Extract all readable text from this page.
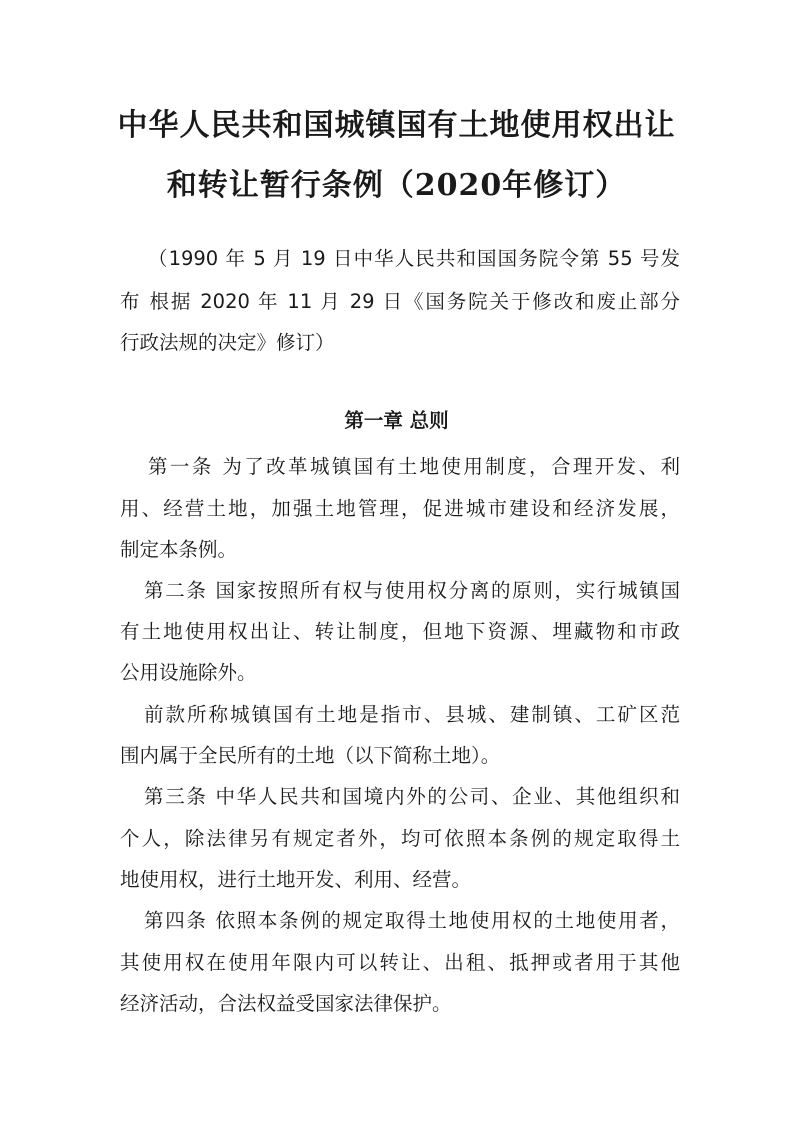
中华人民共和国城镇国有土地使用权出让
和转让暂行条例（2020年修订）
（1990 年 5 月 19 日中华人民共和国国务院令第 55 号发
布 根据 2020 年 11 月 29 日《国务院关于修改和废止部分
行政法规的决定》修订）
第一章 总则
第一条 为了改革城镇国有土地使用制度，合理开发、利
用、经营土地，加强土地管理，促进城市建设和经济发展，
制定本条例。
第二条 国家按照所有权与使用权分离的原则，实行城镇国
有土地使用权出让、转让制度，但地下资源、埋藏物和市政
公用设施除外。
前款所称城镇国有土地是指市、县城、建制镇、工矿区范
围内属于全民所有的土地（以下简称土地）。
第三条 中华人民共和国境内外的公司、企业、其他组织和
个人，除法律另有规定者外，均可依照本条例的规定取得土
地使用权，进行土地开发、利用、经营。
第四条 依照本条例的规定取得土地使用权的土地使用者，
其使用权在使用年限内可以转让、出租、抵押或者用于其他
经济活动，合法权益受国家法律保护。
